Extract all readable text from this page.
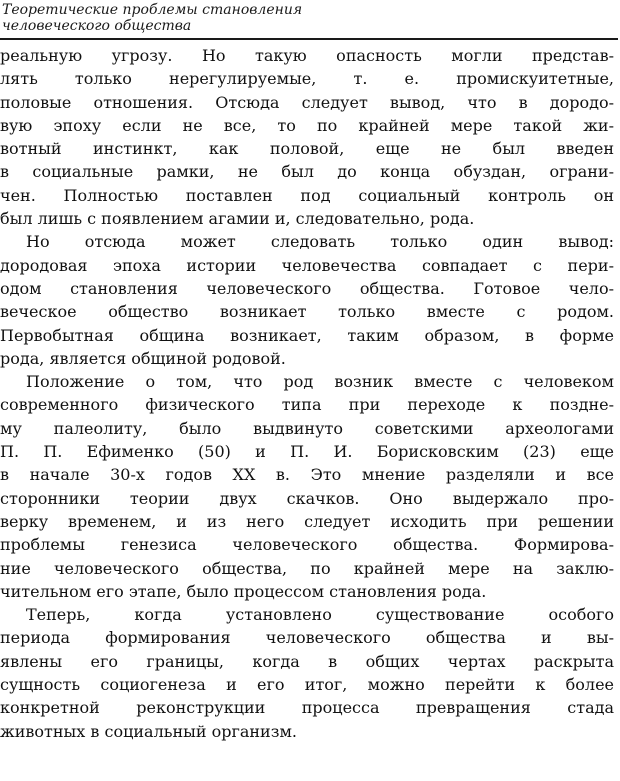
Теоретические проблемы становления
человеческого общества
реальную угрозу. Но такую опасность могли представ-
лять только нерегулируемые, т. е. промискуитетные,
половые отношения. Отсюда следует вывод, что в дородо-
вую эпоху если не все, то по крайней мере такой жи-
вотный инстинкт, как половой, еще не был введен
в социальные рамки, не был до конца обуздан, ограни-
чен. Полностью поставлен под социальный контроль он
был лишь с появлением агамии и, следовательно, рода.
Но отсюда может следовать только один вывод:
дородовая эпоха истории человечества совпадает с пери-
одом становления человеческого общества. Готовое чело-
веческое общество возникает только вместе с родом.
Первобытная община возникает, таким образом, в форме
рода, является общиной родовой.
Положение о том, что род возник вместе с человеком
современного физического типа при переходе к поздне-
му палеолиту, было выдвинуто советскими археологами
П. П. Ефименко (50) и П. И. Борисковским (23) еще
в начале 30-х годов XX в. Это мнение разделяли и все
сторонники теории двух скачков. Оно выдержало про-
верку временем, и из него следует исходить при решении
проблемы генезиса человеческого общества. Формирова-
ние человеческого общества, по крайней мере на заклю-
чительном его этапе, было процессом становления рода.
Теперь, когда установлено существование особого
периода формирования человеческого общества и вы-
явлены его границы, когда в общих чертах раскрыта
сущность социогенеза и его итог, можно перейти к более
конкретной реконструкции процесса превращения стада
животных в социальный организм.
